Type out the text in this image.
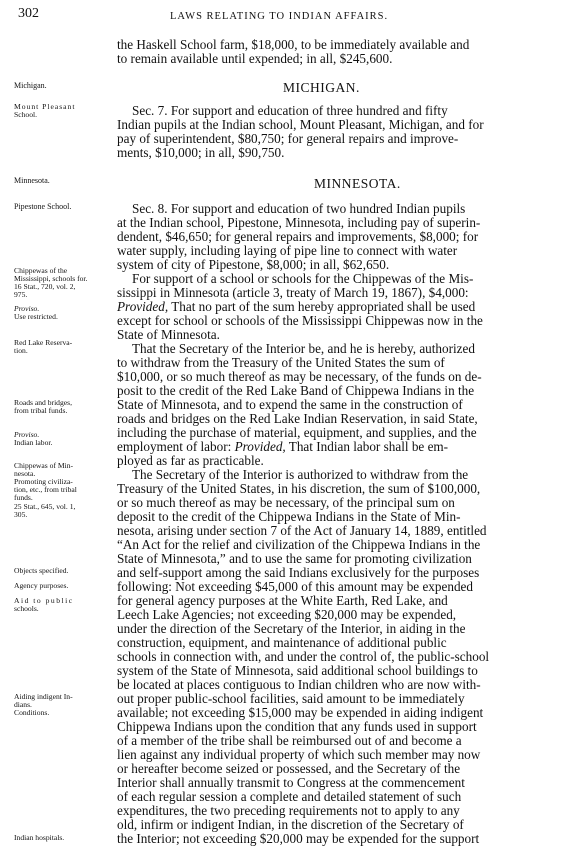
302	LAWS RELATING TO INDIAN AFFAIRS.
the Haskell School farm, $18,000, to be immediately available and
to remain available until expended; in all, $245,600.
MICHIGAN.
Sec. 7. For support and education of three hundred and fifty
Indian pupils at the Indian school, Mount Pleasant, Michigan, and for
pay of superintendent, $80,750; for general repairs and improve-
ments, $10,000; in all, $90,750.
MINNESOTA.
Sec. 8. For support and education of two hundred Indian pupils
at the Indian school, Pipestone, Minnesota, including pay of superin-
dendent, $46,650; for general repairs and improvements, $8,000; for
water supply, including laying of pipe line to connect with water
system of city of Pipestone, $8,000; in all, $62,650.
For support of a school or schools for the Chippewas of the Mis-
sissippi in Minnesota (article 3, treaty of March 19, 1867), $4,000:
Provided, That no part of the sum hereby appropriated shall be used
except for school or schools of the Mississippi Chippewas now in the
State of Minnesota.
That the Secretary of the Interior be, and he is hereby, authorized
to withdraw from the Treasury of the United States the sum of
$10,000, or so much thereof as may be necessary, of the funds on de-
posit to the credit of the Red Lake Band of Chippewa Indians in the
State of Minnesota, and to expend the same in the construction of
roads and bridges on the Red Lake Indian Reservation, in said State,
including the purchase of material, equipment, and supplies, and the
employment of labor: Provided, That Indian labor shall be em-
ployed as far as practicable.
The Secretary of the Interior is authorized to withdraw from the
Treasury of the United States, in his discretion, the sum of $100,000,
or so much thereof as may be necessary, of the principal sum on
deposit to the credit of the Chippewa Indians in the State of Min-
nesota, arising under section 7 of the Act of January 14, 1889, entitled
“An Act for the relief and civilization of the Chippewa Indians in the
State of Minnesota,” and to use the same for promoting civilization
and self-support among the said Indians exclusively for the purposes
following: Not exceeding $45,000 of this amount may be expended
for general agency purposes at the White Earth, Red Lake, and
Leech Lake Agencies; not exceeding $20,000 may be expended,
under the direction of the Secretary of the Interior, in aiding in the
construction, equipment, and maintenance of additional public
schools in connection with, and under the control of, the public-school
system of the State of Minnesota, said additional school buildings to
be located at places contiguous to Indian children who are now with-
out proper public-school facilities, said amount to be immediately
available; not exceeding $15,000 may be expended in aiding indigent
Chippewa Indians upon the condition that any funds used in support
of a member of the tribe shall be reimbursed out of and become a
lien against any individual property of which such member may now
or hereafter become seized or possessed, and the Secretary of the
Interior shall annually transmit to Congress at the commencement
of each regular session a complete and detailed statement of such
expenditures, the two preceding requirements not to apply to any
old, infirm or indigent Indian, in the discretion of the Secretary of
the Interior; not exceeding $20,000 may be expended for the support
Michigan.
Mount Pleasant
School.
Minnesota.
Pipestone School.
Chippewas of the
Mississippi, schools for.
16 Stat., 720, vol. 2,
975.
Proviso.
Use restricted.
Red Lake Reserva-
tion.
Roads and bridges,
from tribal funds.
Proviso.
Indian labor.
Chippewas of Min-
nesota.
Promoting civiliza-
tion, etc., from tribal
funds.
25 Stat., 645, vol. 1,
305.
Objects specified.
Agency purposes.
Aid to public
schools.
Aiding indigent In-
dians.
Conditions.
Indian hospitals.
